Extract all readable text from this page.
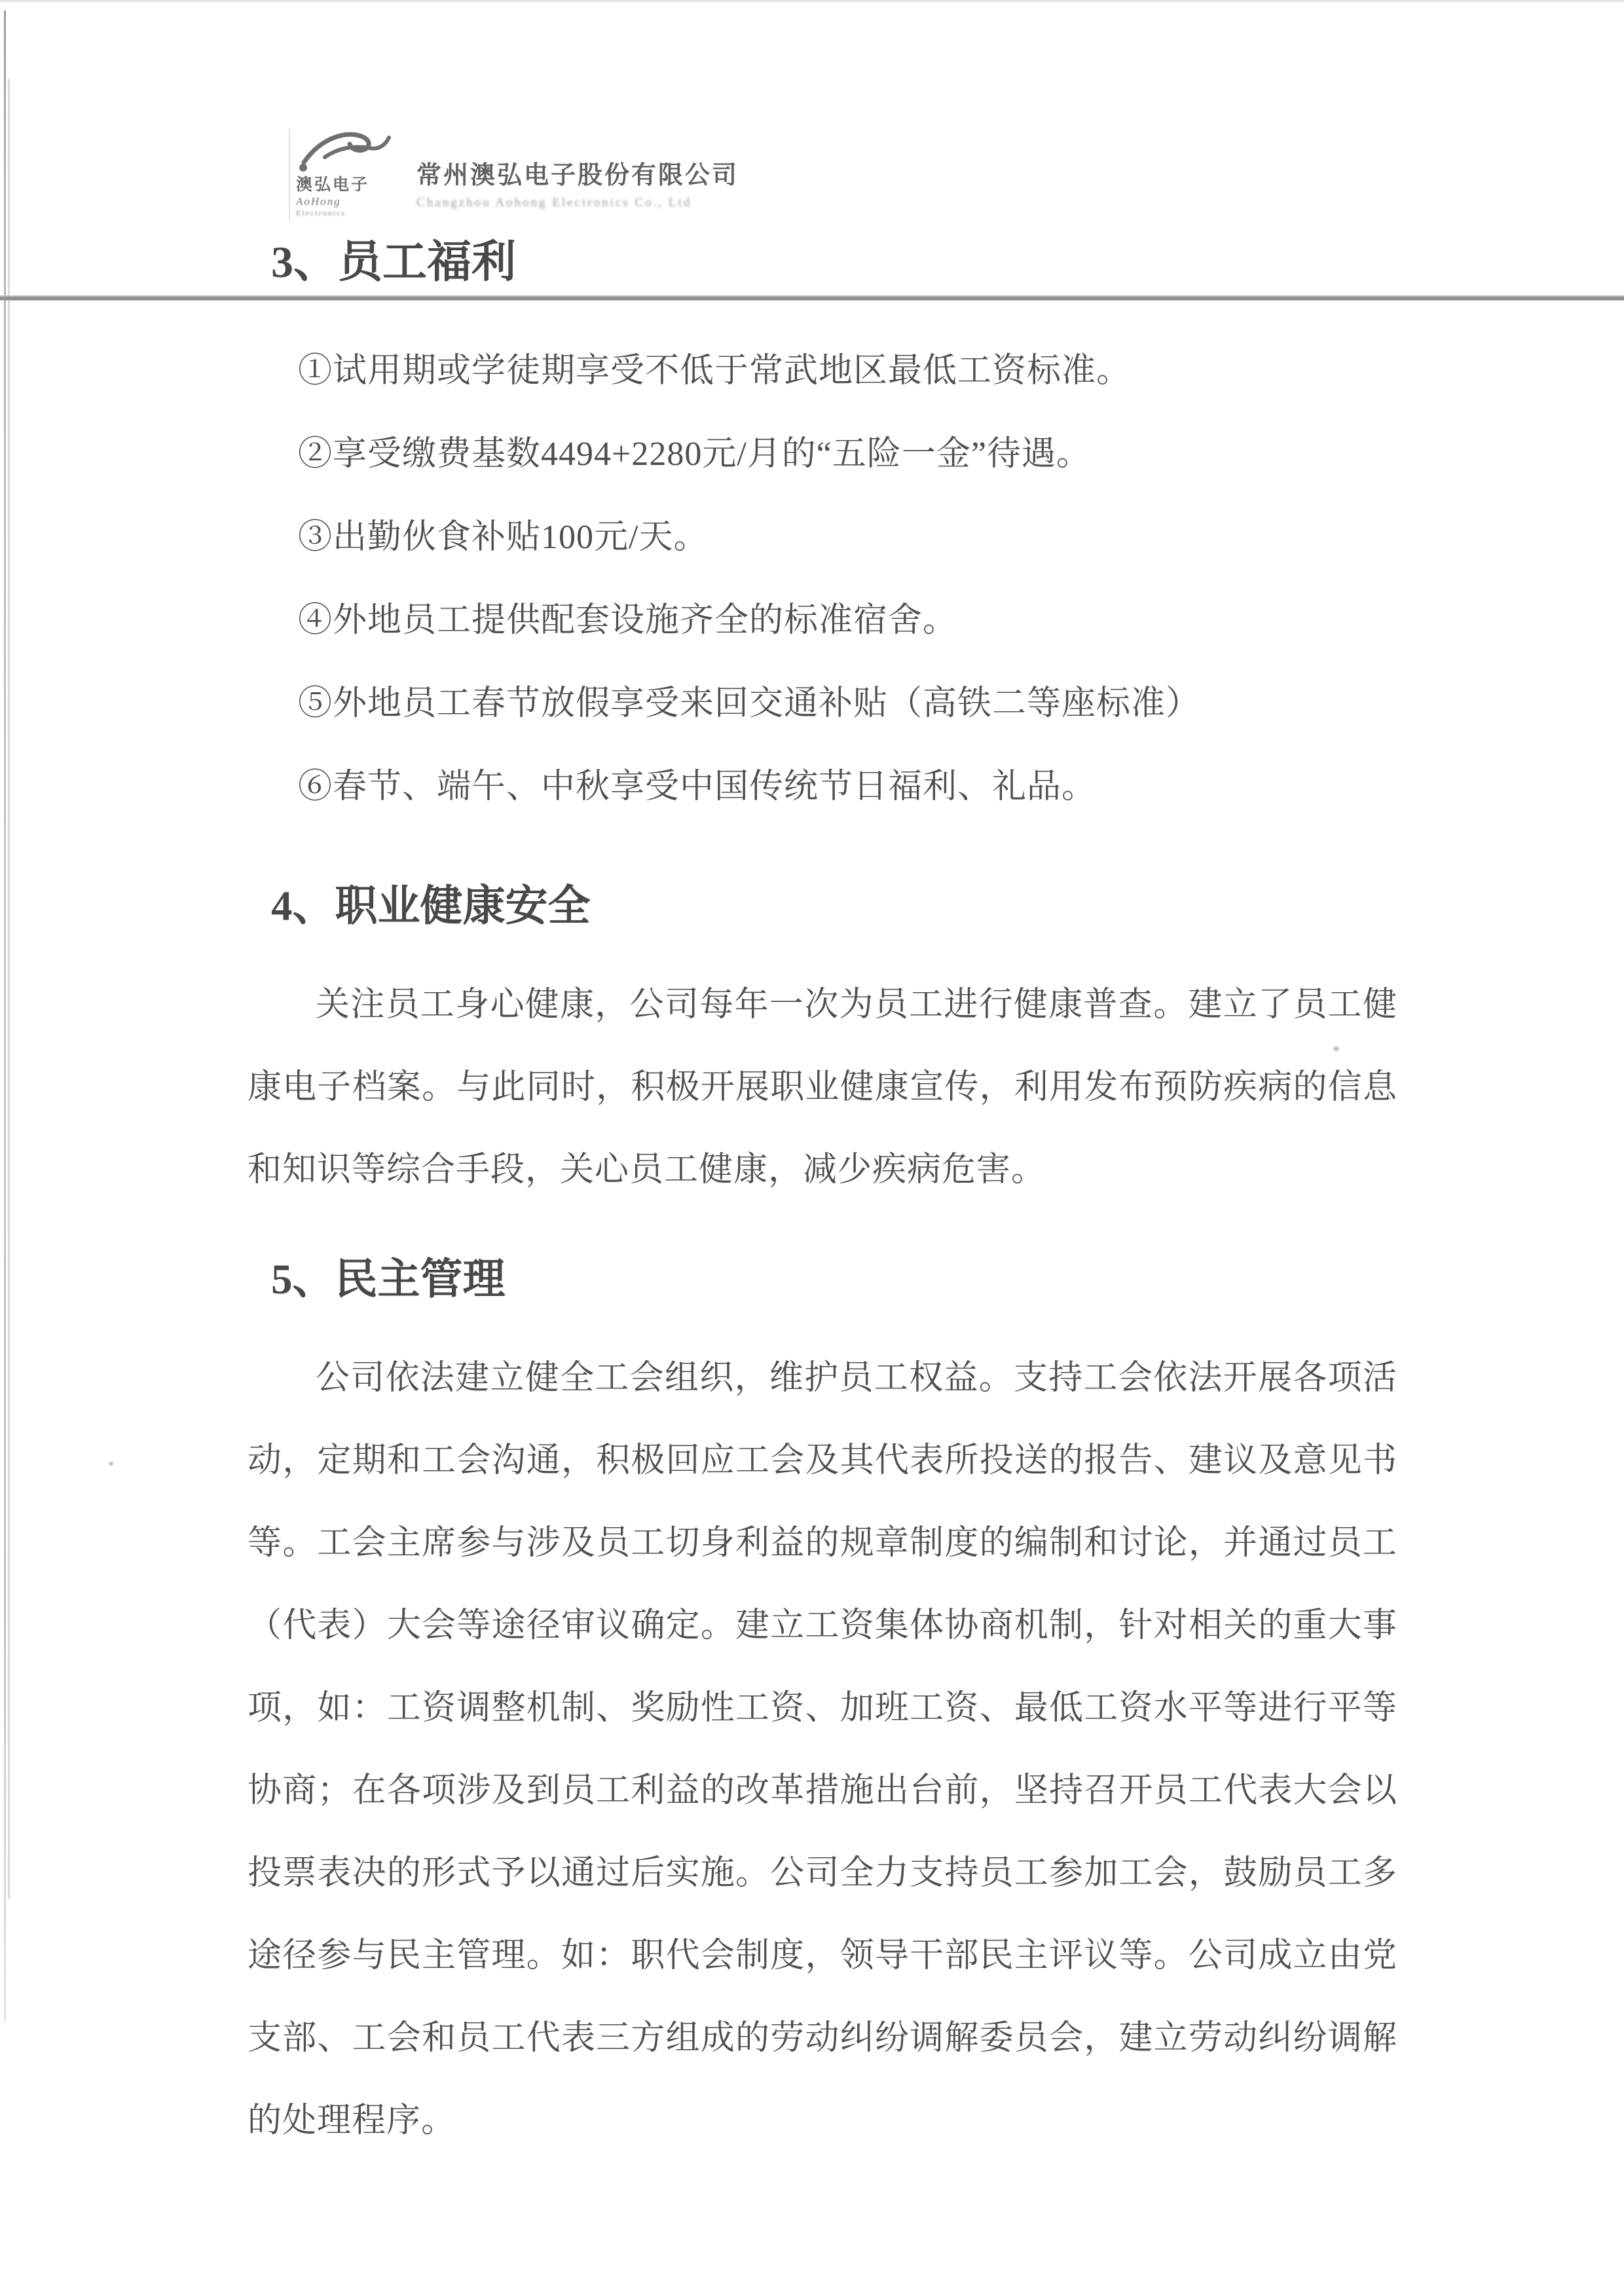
澳弘电子
AoHong
Electronics
常州澳弘电子股份有限公司
Changzhou Aohong Electronics Co., Ltd
3、员工福利
①试用期或学徒期享受不低于常武地区最低工资标准。
②享受缴费基数4494+2280元/月的“五险一金”待遇。
③出勤伙食补贴100元/天。
④外地员工提供配套设施齐全的标准宿舍。
⑤外地员工春节放假享受来回交通补贴（高铁二等座标准）
⑥春节、端午、中秋享受中国传统节日福利、礼品。
4、职业健康安全

关注员工身心健康，公司每年一次为员工进行健康普查。建立了员工健康电子档案。与此同时，积极开展职业健康宣传，利用发布预防疾病的信息和知识等综合手段，关心员工健康，减少疾病危害。

5、民主管理

公司依法建立健全工会组织，维护员工权益。支持工会依法开展各项活动，定期和工会沟通，积极回应工会及其代表所投送的报告、建议及意见书等。工会主席参与涉及员工切身利益的规章制度的编制和讨论，并通过员工（代表）大会等途径审议确定。建立工资集体协商机制，针对相关的重大事项，如：工资调整机制、奖励性工资、加班工资、最低工资水平等进行平等协商；在各项涉及到员工利益的改革措施出台前，坚持召开员工代表大会以投票表决的形式予以通过后实施。公司全力支持员工参加工会，鼓励员工多途径参与民主管理。如：职代会制度，领导干部民主评议等。公司成立由党支部、工会和员工代表三方组成的劳动纠纷调解委员会，建立劳动纠纷调解的处理程序。
